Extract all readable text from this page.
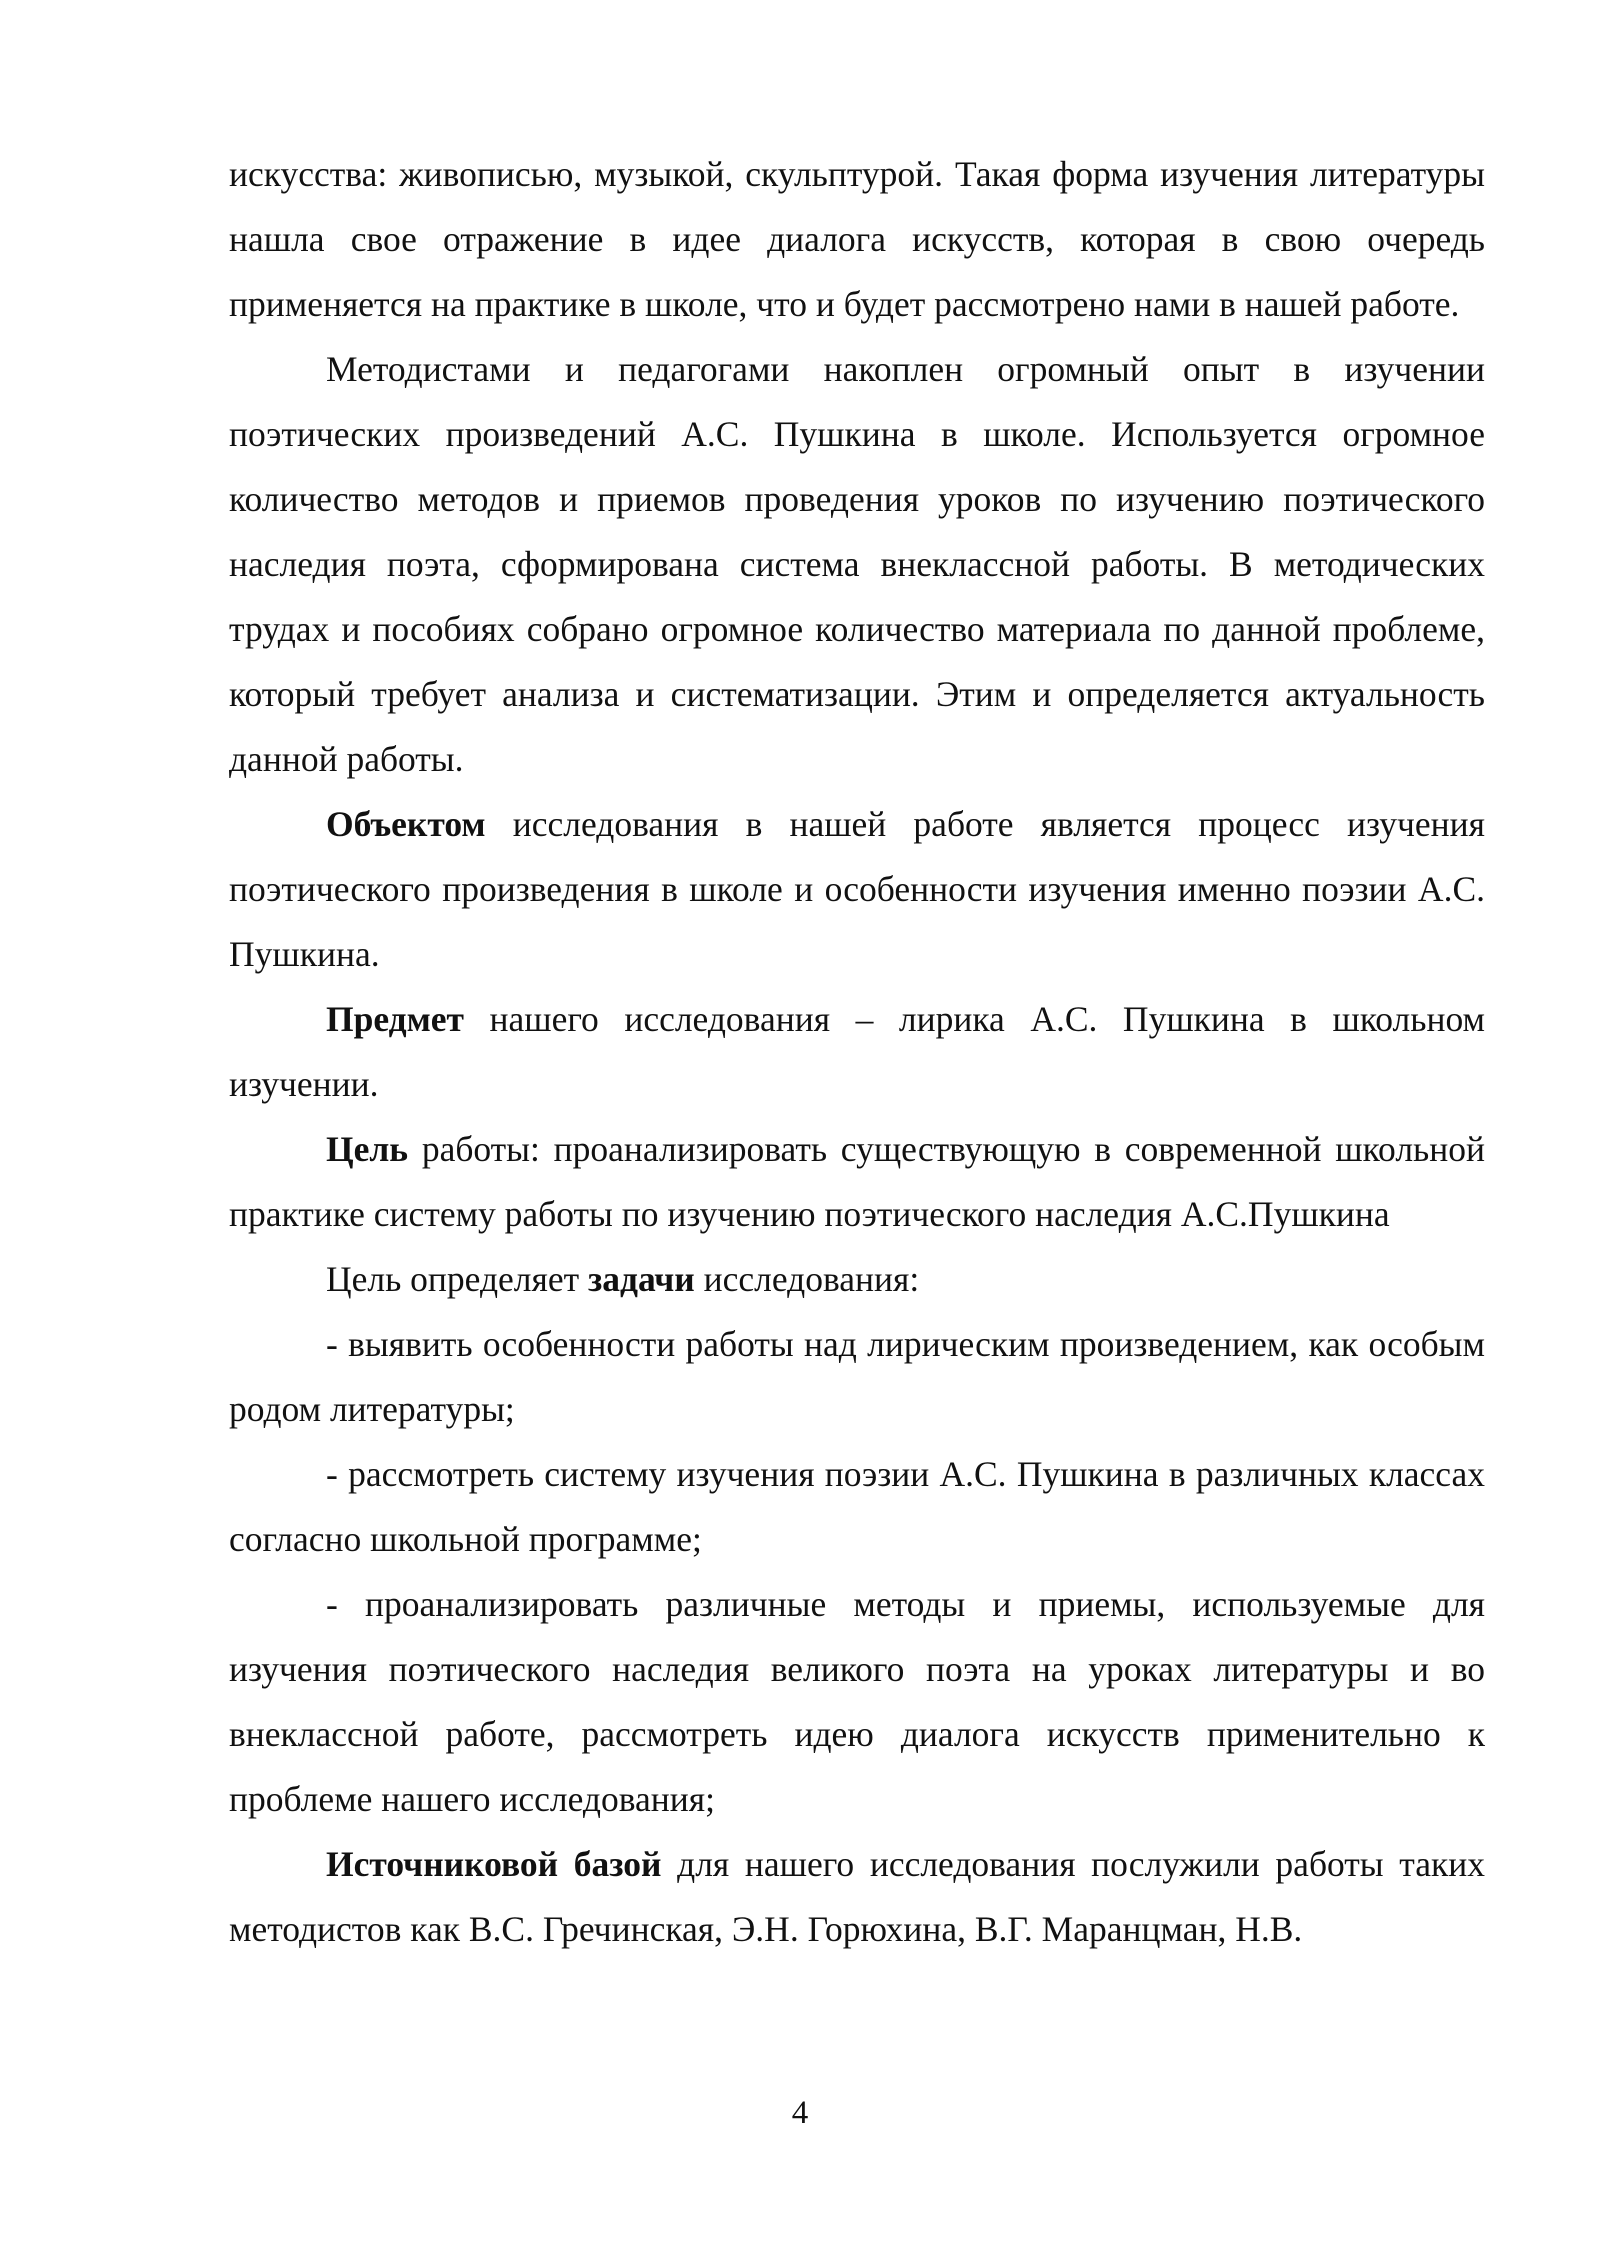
искусства: живописью, музыкой, скульптурой. Такая форма изучения литературы нашла свое отражение в идее диалога искусств, которая в свою очередь применяется на практике в школе, что и будет рассмотрено нами в нашей работе.

Методистами и педагогами накоплен огромный опыт в изучении поэтических произведений А.С. Пушкина в школе. Используется огромное количество методов и приемов проведения уроков по изучению поэтического наследия поэта, сформирована система внеклассной работы. В методических трудах и пособиях собрано огромное количество материала по данной проблеме, который требует анализа и систематизации. Этим и определяется актуальность данной работы.

Объектом исследования в нашей работе является процесс изучения поэтического произведения в школе и особенности изучения именно поэзии А.С. Пушкина.

Предмет нашего исследования – лирика А.С. Пушкина в школьном изучении.

Цель работы: проанализировать существующую в современной школьной практике систему работы по изучению поэтического наследия А.С.Пушкина

Цель определяет задачи исследования:

- выявить особенности работы над лирическим произведением, как особым родом литературы;

- рассмотреть систему изучения поэзии А.С. Пушкина в различных классах согласно школьной программе;

- проанализировать различные методы и приемы, используемые для изучения поэтического наследия великого поэта на уроках литературы и во внеклассной работе, рассмотреть идею диалога искусств применительно к проблеме нашего исследования;

Источниковой базой для нашего исследования послужили работы таких методистов как В.С. Гречинская, Э.Н. Горюхина, В.Г. Маранцман, Н.В.

4
